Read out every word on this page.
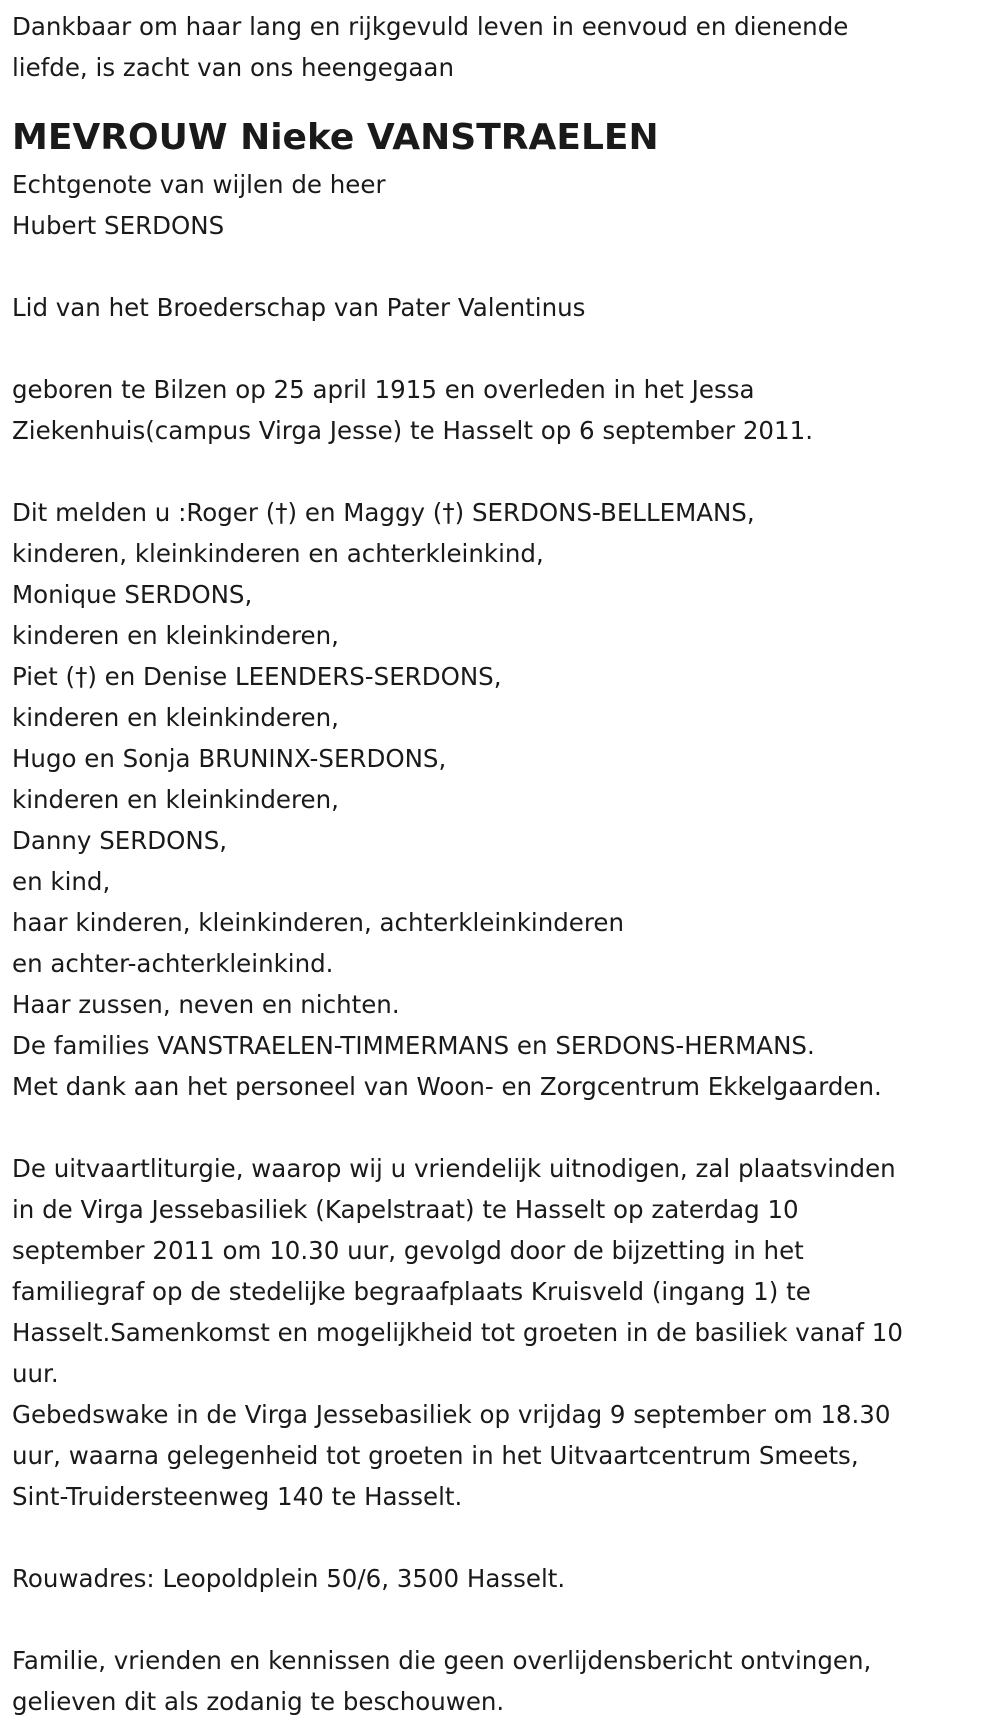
Dankbaar om haar lang en rijkgevuld leven in eenvoud en dienende

liefde, is zacht van ons heengegaan

MEVROUW Nieke VANSTRAELEN

Echtgenote van wijlen de heer

Hubert SERDONS

Lid van het Broederschap van Pater Valentinus

geboren te Bilzen op 25 april 1915 en overleden in het Jessa

Ziekenhuis(campus Virga Jesse) te Hasselt op 6 september 2011.

Dit melden u :Roger (†) en Maggy (†) SERDONS-BELLEMANS,

kinderen, kleinkinderen en achterkleinkind,

Monique SERDONS,

kinderen en kleinkinderen,

Piet (†) en Denise LEENDERS-SERDONS,

kinderen en kleinkinderen,

Hugo en Sonja BRUNINX-SERDONS,

kinderen en kleinkinderen,

Danny SERDONS,

en kind,

haar kinderen, kleinkinderen, achterkleinkinderen

en achter-achterkleinkind.

Haar zussen, neven en nichten.

De families VANSTRAELEN-TIMMERMANS en SERDONS-HERMANS.

Met dank aan het personeel van Woon- en Zorgcentrum Ekkelgaarden.

De uitvaartliturgie, waarop wij u vriendelijk uitnodigen, zal plaatsvinden

in de Virga Jessebasiliek (Kapelstraat) te Hasselt op zaterdag 10

september 2011 om 10.30 uur, gevolgd door de bijzetting in het

familiegraf op de stedelijke begraafplaats Kruisveld (ingang 1) te

Hasselt.Samenkomst en mogelijkheid tot groeten in de basiliek vanaf 10

uur.

Gebedswake in de Virga Jessebasiliek op vrijdag 9 september om 18.30

uur, waarna gelegenheid tot groeten in het Uitvaartcentrum Smeets,

Sint-Truidersteenweg 140 te Hasselt.

Rouwadres: Leopoldplein 50/6, 3500 Hasselt.

Familie, vrienden en kennissen die geen overlijdensbericht ontvingen,

gelieven dit als zodanig te beschouwen.
